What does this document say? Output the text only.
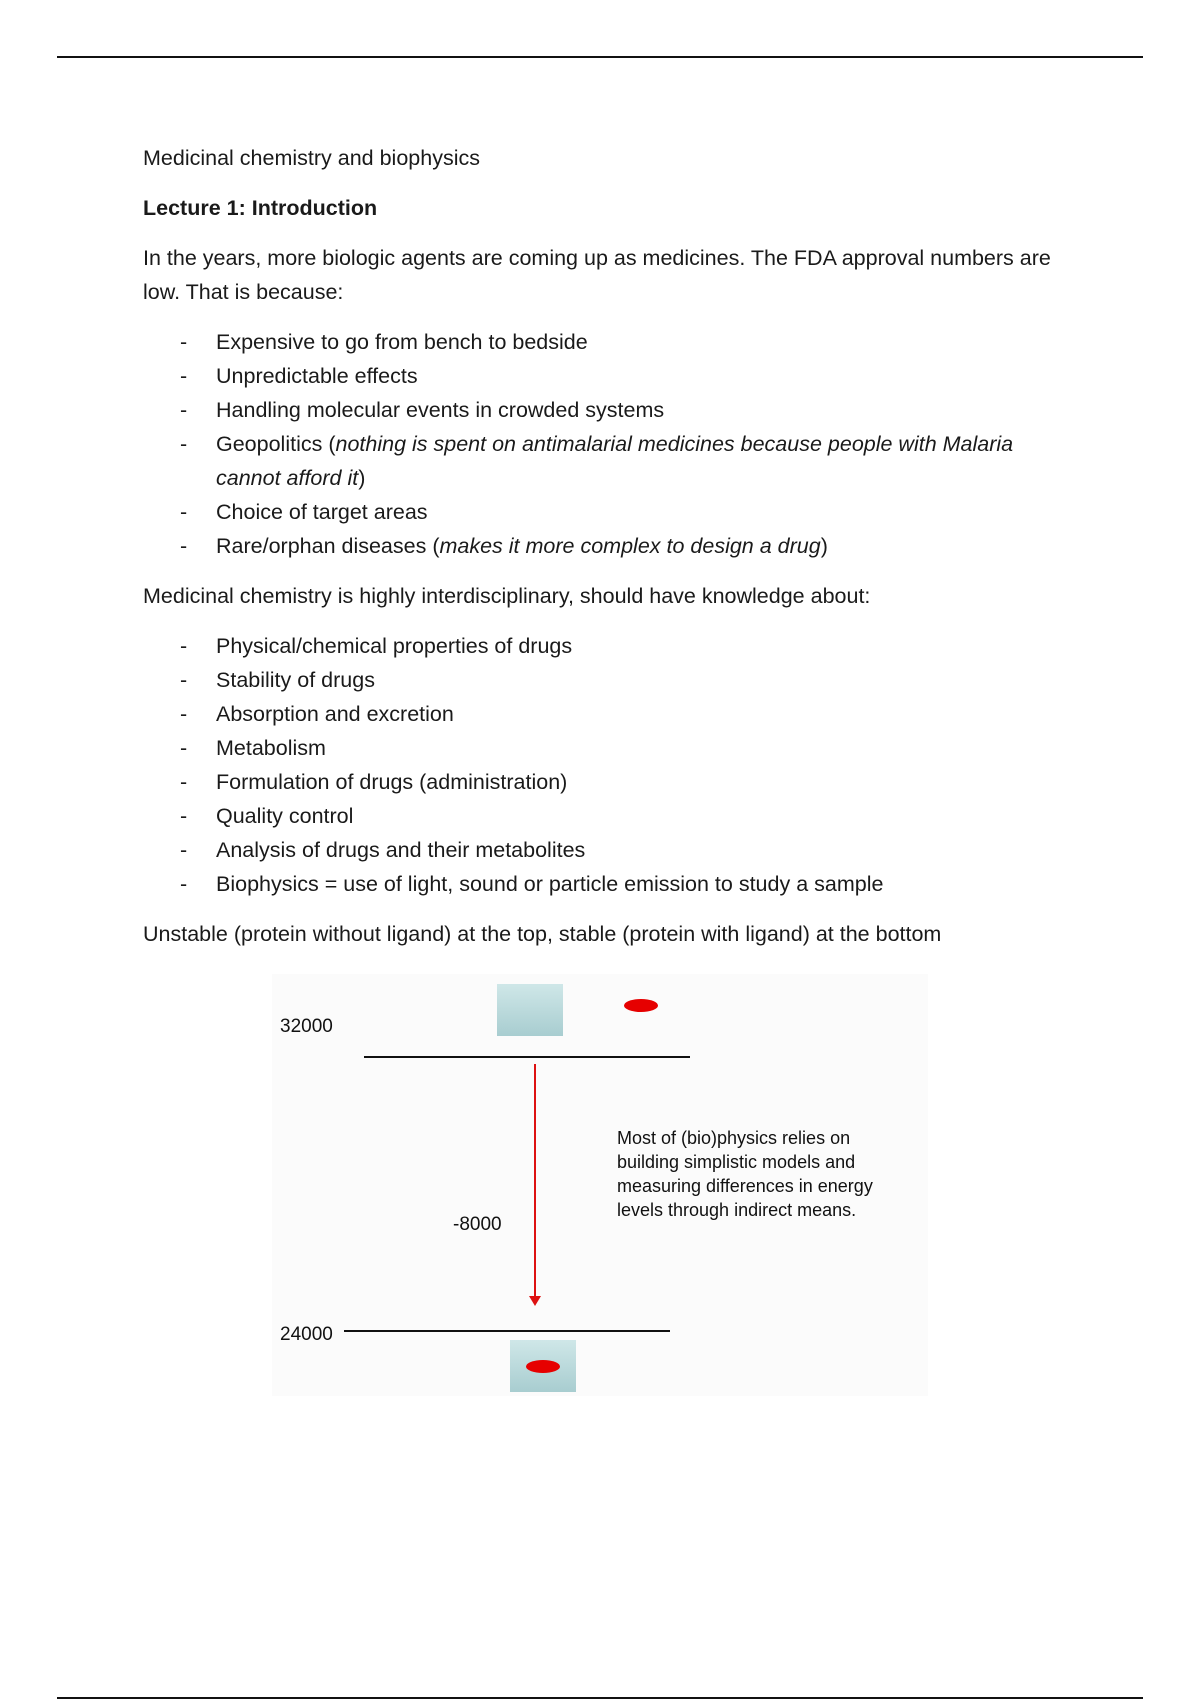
Medicinal chemistry and biophysics

Lecture 1: Introduction

In the years, more biologic agents are coming up as medicines. The FDA approval numbers are low. That is because:

- Expensive to go from bench to bedside
- Unpredictable effects
- Handling molecular events in crowded systems
- Geopolitics (nothing is spent on antimalarial medicines because people with Malaria cannot afford it)
- Choice of target areas
- Rare/orphan diseases (makes it more complex to design a drug)

Medicinal chemistry is highly interdisciplinary, should have knowledge about:

- Physical/chemical properties of drugs
- Stability of drugs
- Absorption and excretion
- Metabolism
- Formulation of drugs (administration)
- Quality control
- Analysis of drugs and their metabolites
- Biophysics = use of light, sound or particle emission to study a sample

Unstable (protein without ligand) at the top, stable (protein with ligand) at the bottom

32000
-8000
Most of (bio)physics relies on building simplistic models and measuring differences in energy levels through indirect means.
24000
